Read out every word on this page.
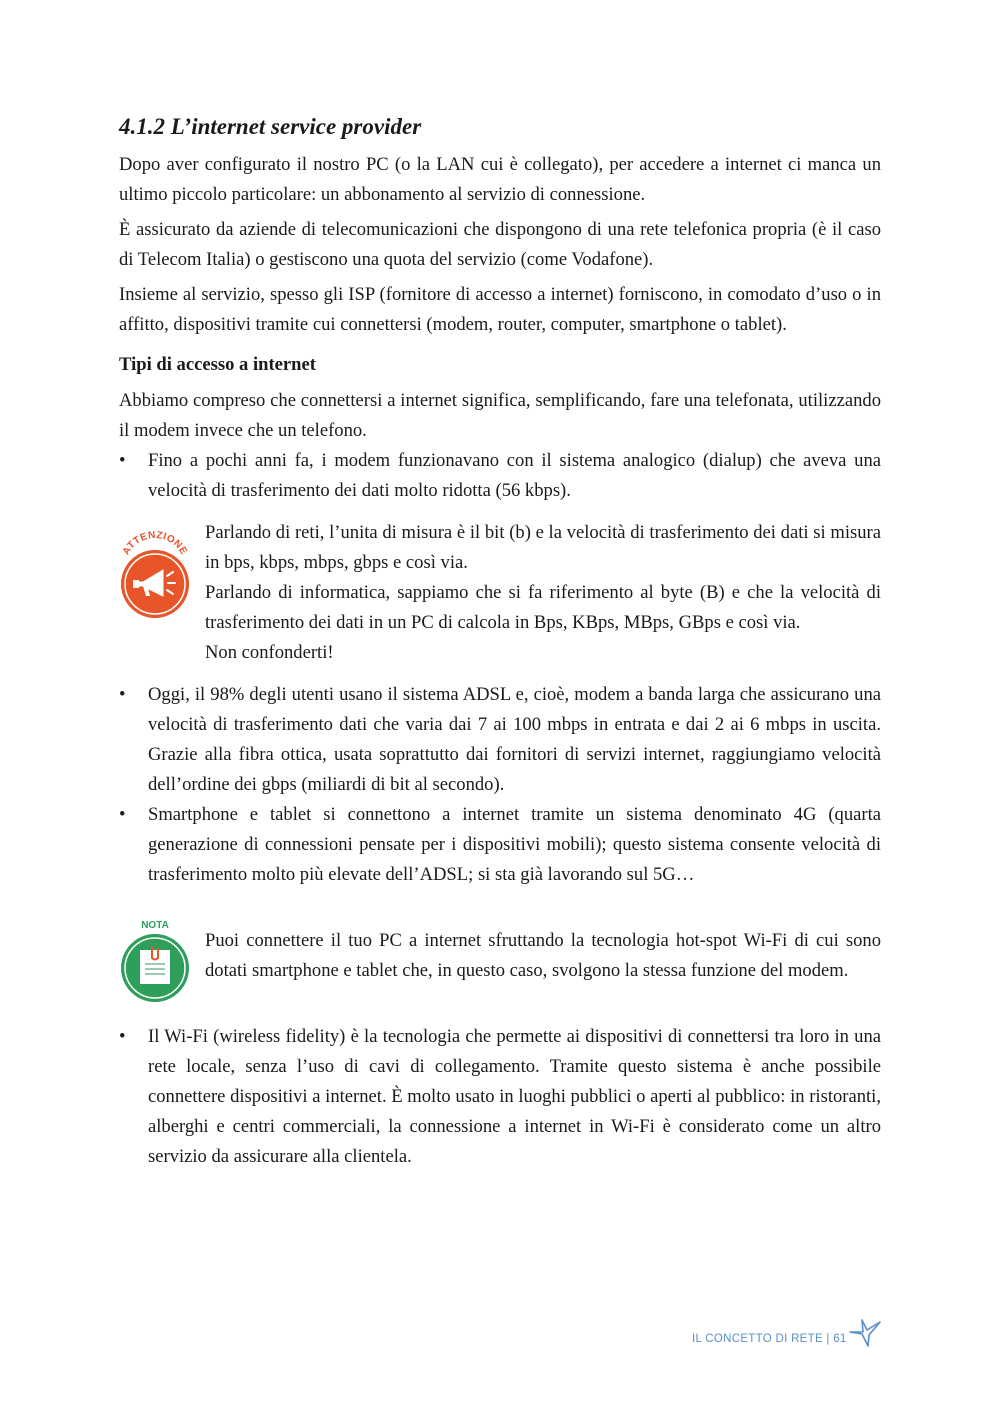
4.1.2 L’internet service provider

Dopo aver configurato il nostro PC (o la LAN cui è collegato), per accedere a internet ci manca un ultimo piccolo particolare: un abbonamento al servizio di connessione.

È assicurato da aziende di telecomunicazioni che dispongono di una rete telefonica propria (è il caso di Telecom Italia) o gestiscono una quota del servizio (come Vodafone).

Insieme al servizio, spesso gli ISP (fornitore di accesso a internet) forniscono, in comodato d’uso o in affitto, dispositivi tramite cui connettersi (modem, router, computer, smartphone o tablet).

Tipi di accesso a internet

Abbiamo compreso che connettersi a internet significa, semplificando, fare una telefonata, utilizzando il modem invece che un telefono.

• Fino a pochi anni fa, i modem funzionavano con il sistema analogico (dialup) che aveva una velocità di trasferimento dei dati molto ridotta (56 kbps).
ATTENZIONE
Parlando di reti, l’unita di misura è il bit (b) e la velocità di trasferimento dei dati si misura in bps, kbps, mbps, gbps e così via.
Parlando di informatica, sappiamo che si fa riferimento al byte (B) e che la velocità di trasferimento dei dati in un PC di calcola in Bps, KBps, MBps, GBps e così via.
Non confonderti!
• Oggi, il 98% degli utenti usano il sistema ADSL e, cioè, modem a banda larga che assicurano una velocità di trasferimento dati che varia dai 7 ai 100 mbps in entrata e dai 2 ai 6 mbps in uscita. Grazie alla fibra ottica, usata soprattutto dai fornitori di servizi internet, raggiungiamo velocità dell’ordine dei gbps (miliardi di bit al secondo).
• Smartphone e tablet si connettono a internet tramite un sistema denominato 4G (quarta generazione di connessioni pensate per i dispositivi mobili); questo sistema consente velocità di trasferimento molto più elevate dell’ADSL; si sta già lavorando sul 5G…
NOTA
Puoi connettere il tuo PC a internet sfruttando la tecnologia hot-spot Wi-Fi di cui sono dotati smartphone e tablet che, in questo caso, svolgono la stessa funzione del modem.
• Il Wi-Fi (wireless fidelity) è la tecnologia che permette ai dispositivi di connettersi tra loro in una rete locale, senza l’uso di cavi di collegamento. Tramite questo sistema è anche possibile connettere dispositivi a internet. È molto usato in luoghi pubblici o aperti al pubblico: in ristoranti, alberghi e centri commerciali, la connessione a internet in Wi-Fi è considerato come un altro servizio da assicurare alla clientela.
IL CONCETTO DI RETE | 61
